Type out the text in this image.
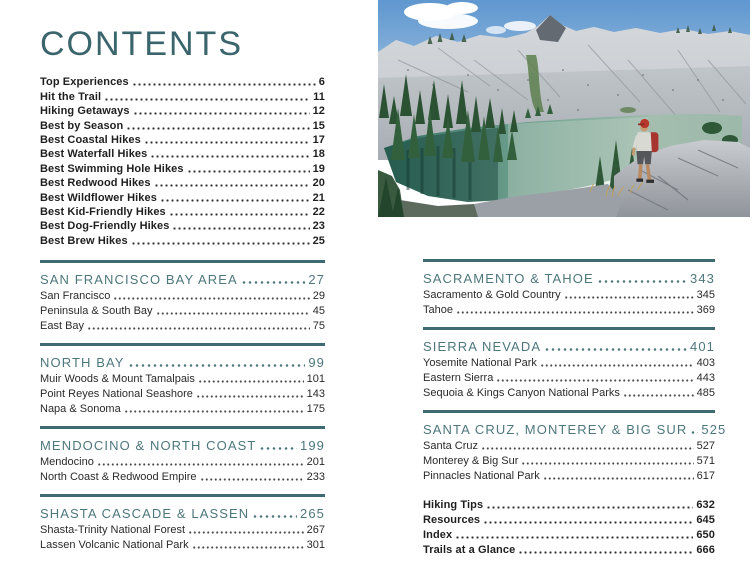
CONTENTS
Top Experiences	6
Hit the Trail	11
Hiking Getaways	12
Best by Season	15
Best Coastal Hikes	17
Best Waterfall Hikes	18
Best Swimming Hole Hikes	19
Best Redwood Hikes	20
Best Wildflower Hikes	21
Best Kid-Friendly Hikes	22
Best Dog-Friendly Hikes	23
Best Brew Hikes	25
SAN FRANCISCO BAY AREA	27
San Francisco	29
Peninsula & South Bay	45
East Bay	75
NORTH BAY	99
Muir Woods & Mount Tamalpais	101
Point Reyes National Seashore	143
Napa & Sonoma	175
MENDOCINO & NORTH COAST	199
Mendocino	201
North Coast & Redwood Empire	233
SHASTA CASCADE & LASSEN	265
Shasta-Trinity National Forest	267
Lassen Volcanic National Park	301
SACRAMENTO & TAHOE	343
Sacramento & Gold Country	345
Tahoe	369
SIERRA NEVADA	401
Yosemite National Park	403
Eastern Sierra	443
Sequoia & Kings Canyon National Parks	485
SANTA CRUZ, MONTEREY & BIG SUR 525
Santa Cruz	527
Monterey & Big Sur	571
Pinnacles National Park	617
Hiking Tips	632
Resources	645
Index	650
Trails at a Glance	666
